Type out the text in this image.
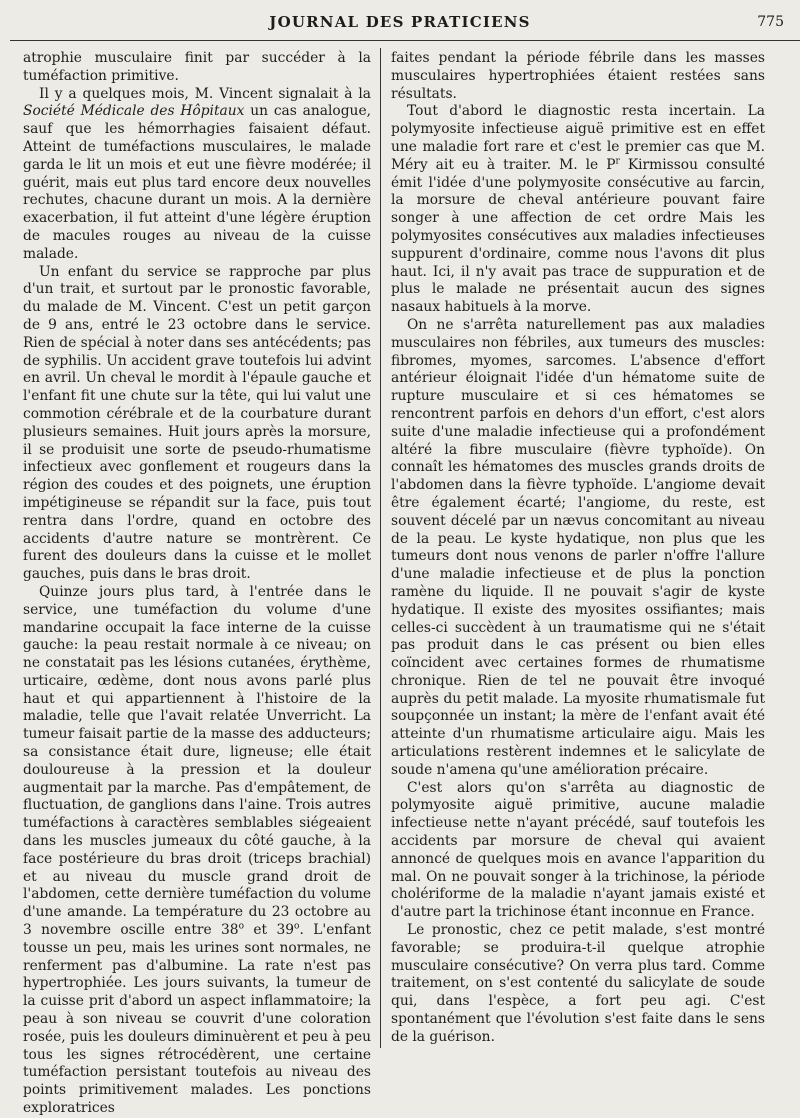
JOURNAL DES PRATICIENS	775

atrophie musculaire finit par succéder à la tuméfaction primitive.

Il y a quelques mois, M. Vincent signalait à la Société Médicale des Hôpitaux un cas analogue, sauf que les hémorrhagies faisaient défaut. Atteint de tuméfactions musculaires, le malade garda le lit un mois et eut une fièvre modérée; il guérit, mais eut plus tard encore deux nouvelles rechutes, chacune durant un mois. A la dernière exacerbation, il fut atteint d'une légère éruption de macules rouges au niveau de la cuisse malade.

Un enfant du service se rapproche par plus d'un trait, et surtout par le pronostic favorable, du malade de M. Vincent. C'est un petit garçon de 9 ans, entré le 23 octobre dans le service. Rien de spécial à noter dans ses antécédents; pas de syphilis. Un accident grave toutefois lui advint en avril. Un cheval le mordit à l'épaule gauche et l'enfant fit une chute sur la tête, qui lui valut une commotion cérébrale et de la courbature durant plusieurs semaines. Huit jours après la morsure, il se produisit une sorte de pseudo-rhumatisme infectieux avec gonflement et rougeurs dans la région des coudes et des poignets, une éruption impétigineuse se répandit sur la face, puis tout rentra dans l'ordre, quand en octobre des accidents d'autre nature se montrèrent. Ce furent des douleurs dans la cuisse et le mollet gauches, puis dans le bras droit.

Quinze jours plus tard, à l'entrée dans le service, une tuméfaction du volume d'une mandarine occupait la face interne de la cuisse gauche: la peau restait normale à ce niveau; on ne constatait pas les lésions cutanées, érythème, urticaire, œdème, dont nous avons parlé plus haut et qui appartiennent à l'histoire de la maladie, telle que l'avait relatée Unverricht. La tumeur faisait partie de la masse des adducteurs; sa consistance était dure, ligneuse; elle était douloureuse à la pression et la douleur augmentait par la marche. Pas d'empâtement, de fluctuation, de ganglions dans l'aine. Trois autres tuméfactions à caractères semblables siégeaient dans les muscles jumeaux du côté gauche, à la face postérieure du bras droit (triceps brachial) et au niveau du muscle grand droit de l'abdomen, cette dernière tuméfaction du volume d'une amande. La température du 23 octobre au 3 novembre oscille entre 38$^o$ et 39$^o$. L'enfant tousse un peu, mais les urines sont normales, ne renferment pas d'albumine. La rate n'est pas hypertrophiée. Les jours suivants, la tumeur de la cuisse prit d'abord un aspect inflammatoire; la peau à son niveau se couvrit d'une coloration rosée, puis les douleurs diminuèrent et peu à peu tous les signes rétrocédèrent, une certaine tuméfaction persistant toutefois au niveau des points primitivement malades. Les ponctions exploratrices

faites pendant la période fébrile dans les masses musculaires hypertrophiées étaient restées sans résultats.

Tout d'abord le diagnostic resta incertain. La polymyosite infectieuse aiguë primitive est en effet une maladie fort rare et c'est le premier cas que M. Méry ait eu à traiter. M. le $P^r$ Kirmissou consulté émit l'idée d'une polymyosite consécutive au farcin, la morsure de cheval antérieure pouvant faire songer à une affection de cet ordre Mais les polymyosites consécutives aux maladies infectieuses suppurent d'ordinaire, comme nous l'avons dit plus haut. Ici, il n'y avait pas trace de suppuration et de plus le malade ne présentait aucun des signes nasaux habituels à la morve.

On ne s'arrêta naturellement pas aux maladies musculaires non fébriles, aux tumeurs des muscles: fibromes, myomes, sarcomes. L'absence d'effort antérieur éloignait l'idée d'un hématome suite de rupture musculaire et si ces hématomes se rencontrent parfois en dehors d'un effort, c'est alors suite d'une maladie infectieuse qui a profondément altéré la fibre musculaire (fièvre typhoïde). On connaît les hématomes des muscles grands droits de l'abdomen dans la fièvre typhoïde. L'angiome devait être également écarté; l'angiome, du reste, est souvent décelé par un nævus concomitant au niveau de la peau. Le kyste hydatique, non plus que les tumeurs dont nous venons de parler n'offre l'allure d'une maladie infectieuse et de plus la ponction ramène du liquide. Il ne pouvait s'agir de kyste hydatique. Il existe des myosites ossifiantes; mais celles-ci succèdent à un traumatisme qui ne s'était pas produit dans le cas présent ou bien elles coïncident avec certaines formes de rhumatisme chronique. Rien de tel ne pouvait être invoqué auprès du petit malade. La myosite rhumatismale fut soupçonnée un instant; la mère de l'enfant avait été atteinte d'un rhumatisme articulaire aigu. Mais les articulations restèrent indemnes et le salicylate de soude n'amena qu'une amélioration précaire.

C'est alors qu'on s'arrêta au diagnostic de polymyosite aiguë primitive, aucune maladie infectieuse nette n'ayant précédé, sauf toutefois les accidents par morsure de cheval qui avaient annoncé de quelques mois en avance l'apparition du mal. On ne pouvait songer à la trichinose, la période cholériforme de la maladie n'ayant jamais existé et d'autre part la trichinose étant inconnue en France.

Le pronostic, chez ce petit malade, s'est montré favorable; se produira-t-il quelque atrophie musculaire consécutive? On verra plus tard. Comme traitement, on s'est contenté du salicylate de soude qui, dans l'espèce, a fort peu agi. C'est spontanément que l'évolution s'est faite dans le sens de la guérison.
